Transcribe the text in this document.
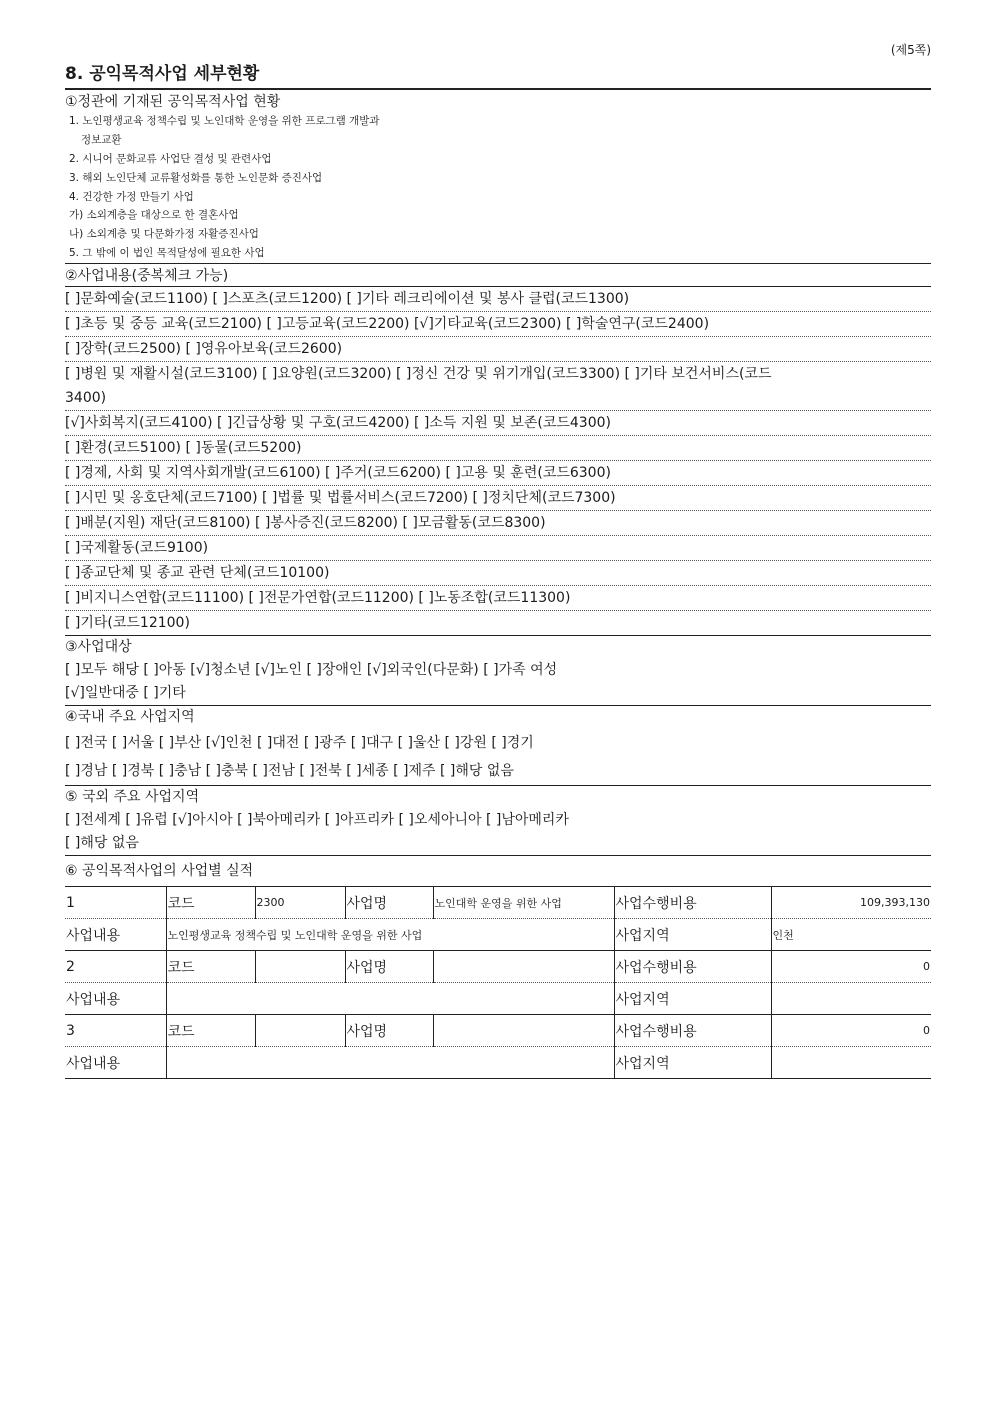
(제5쪽)
8. 공익목적사업 세부현황
①정관에 기재된 공익목적사업 현황
1. 노인평생교육 정책수립 및 노인대학 운영을 위한 프로그램 개발과
정보교환
2. 시니어 문화교류 사업단 결성 및 관련사업
3. 해외 노인단체 교류활성화를 통한 노인문화 증진사업
4. 건강한 가정 만들기 사업
가) 소외계층을 대상으로 한 결혼사업
나) 소외계층 및 다문화가정 자활증진사업
5. 그 밖에 이 법인 목적달성에 필요한 사업
②사업내용(중복체크 가능)
[ ]문화예술(코드1100) [ ]스포츠(코드1200) [ ]기타 레크리에이션 및 봉사 클럽(코드1300)
[ ]초등 및 중등 교육(코드2100) [ ]고등교육(코드2200) [√]기타교육(코드2300) [ ]학술연구(코드2400)
[ ]장학(코드2500) [ ]영유아보육(코드2600)
[ ]병원 및 재활시설(코드3100) [ ]요양원(코드3200) [ ]정신 건강 및 위기개입(코드3300) [ ]기타 보건서비스(코드
3400)
[√]사회복지(코드4100) [ ]긴급상황 및 구호(코드4200) [ ]소득 지원 및 보존(코드4300)
[ ]환경(코드5100) [ ]동물(코드5200)
[ ]경제, 사회 및 지역사회개발(코드6100) [ ]주거(코드6200) [ ]고용 및 훈련(코드6300)
[ ]시민 및 옹호단체(코드7100) [ ]법률 및 법률서비스(코드7200) [ ]정치단체(코드7300)
[ ]배분(지원) 재단(코드8100) [ ]봉사증진(코드8200) [ ]모금활동(코드8300)
[ ]국제활동(코드9100)
[ ]종교단체 및 종교 관련 단체(코드10100)
[ ]비지니스연합(코드11100) [ ]전문가연합(코드11200) [ ]노동조합(코드11300)
[ ]기타(코드12100)
③사업대상
[ ]모두 해당 [ ]아동 [√]청소년 [√]노인 [ ]장애인 [√]외국인(다문화) [ ]가족 여성
[√]일반대중 [ ]기타
④국내 주요 사업지역
[ ]전국 [ ]서울 [ ]부산 [√]인천 [ ]대전 [ ]광주 [ ]대구 [ ]울산 [ ]강원 [ ]경기
[ ]경남 [ ]경북 [ ]충남 [ ]충북 [ ]전남 [ ]전북 [ ]세종 [ ]제주 [ ]해당 없음
⑤ 국외 주요 사업지역
[ ]전세계 [ ]유럽 [√]아시아 [ ]북아메리카 [ ]아프리카 [ ]오세아니아 [ ]남아메리카
[ ]해당 없음
⑥ 공익목적사업의 사업별 실적
1	코드	2300	사업명	노인대학 운영을 위한 사업	사업수행비용	109,393,130
사업내용	노인평생교육 정책수립 및 노인대학 운영을 위한 사업				사업지역	인천
2	코드		사업명		사업수행비용	0
사업내용					사업지역	
3	코드		사업명		사업수행비용	0
사업내용					사업지역	
